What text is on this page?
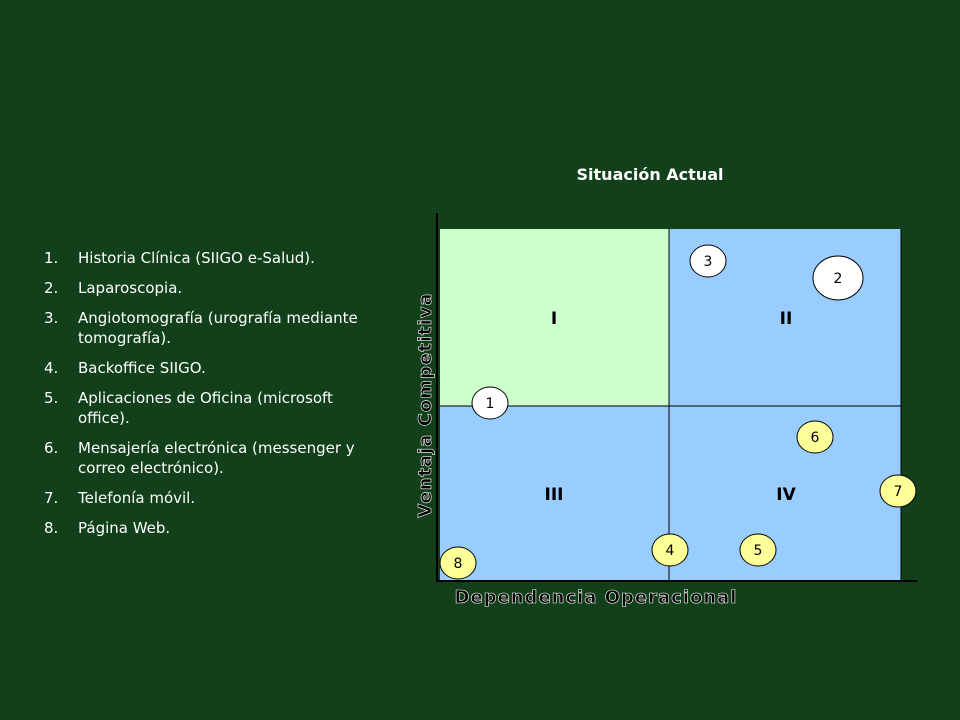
Situación Actual
1. Historia Clínica (SIIGO e-Salud).
2. Laparoscopia.
3. Angiotomografía (urografía mediante tomografía).
4. Backoffice SIIGO.
5. Aplicaciones de Oficina (microsoft office).
6. Mensajería electrónica (messenger y correo electrónico).
7. Telefonía móvil.
8. Página Web.
I	II
III	IV
Dependencia Operacional
Ventaja Competitiva	1
2
3
4	5
6
7
8
